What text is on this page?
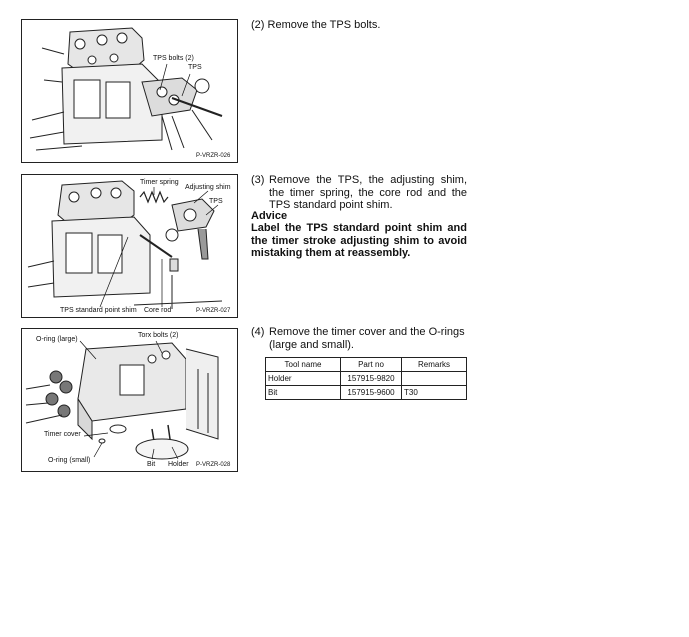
TPS bolts (2)
TPS
P-VRZR-026
Timer spring
Adjusting shim
TPS
TPS standard point shim Core rod	P-VRZR-027
O-ring (large)
Torx bolts (2)
Timer cover
O-ring (small)
Bit Holder P-VRZR-028
(2) Remove the TPS bolts.
(3) Remove the TPS, the adjusting shim, the timer spring, the core rod and the TPS standard point shim.
Advice
Label the TPS standard point shim and the timer stroke adjusting shim to avoid mistaking them at reassembly.
(4) Remove the timer cover and the O-rings (large and small).
Tool name	Part no	Remarks
Holder	157915-9820	
Bit	157915-9600	T30
